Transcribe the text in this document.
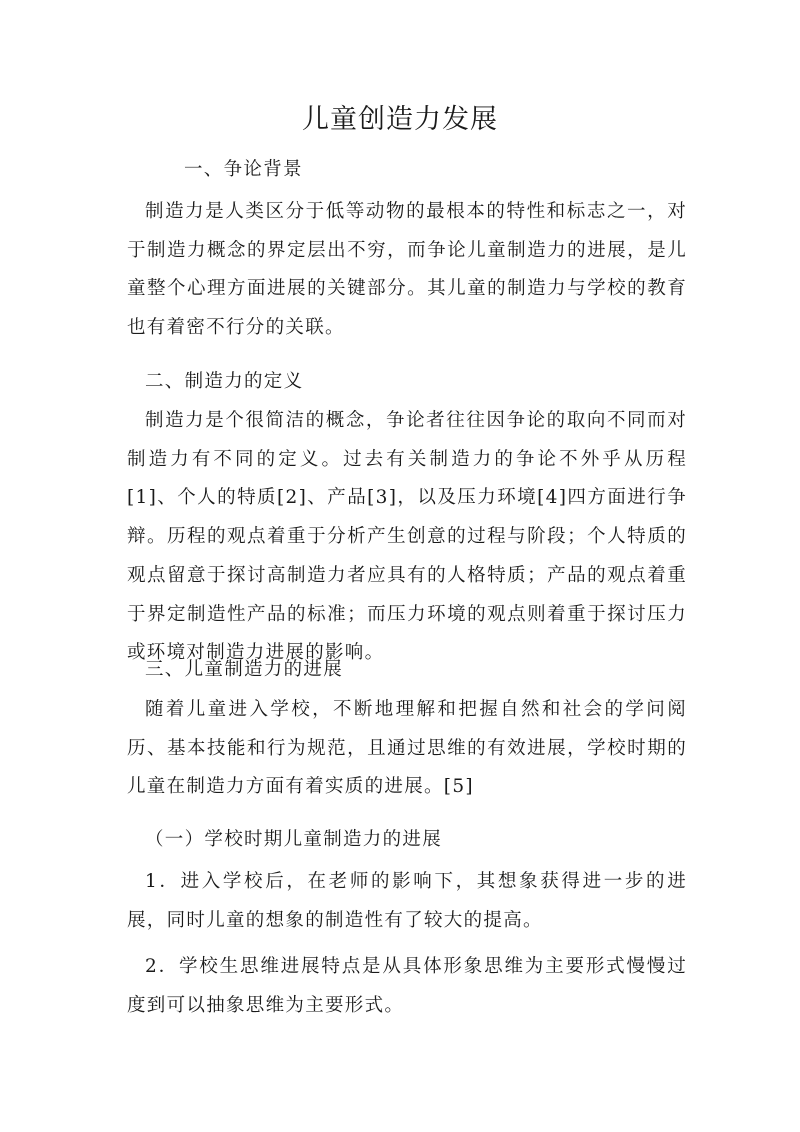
儿童创造力发展

一、争论背景

制造力是人类区分于低等动物的最根本的特性和标志之一，对于制造力概念的界定层出不穷，而争论儿童制造力的进展，是儿童整个心理方面进展的关键部分。其儿童的制造力与学校的教育也有着密不行分的关联。

二、制造力的定义

制造力是个很简洁的概念，争论者往往因争论的取向不同而对制造力有不同的定义。过去有关制造力的争论不外乎从历程[1]、个人的特质[2]、产品[3]，以及压力环境[4]四方面进行争辩。历程的观点着重于分析产生创意的过程与阶段；个人特质的观点留意于探讨高制造力者应具有的人格特质；产品的观点着重于界定制造性产品的标准；而压力环境的观点则着重于探讨压力或环境对制造力进展的影响。

三、儿童制造力的进展

随着儿童进入学校，不断地理解和把握自然和社会的学问阅历、基本技能和行为规范，且通过思维的有效进展，学校时期的儿童在制造力方面有着实质的进展。[5]

（一）学校时期儿童制造力的进展

1．进入学校后，在老师的影响下，其想象获得进一步的进展，同时儿童的想象的制造性有了较大的提高。

2．学校生思维进展特点是从具体形象思维为主要形式慢慢过度到可以抽象思维为主要形式。
